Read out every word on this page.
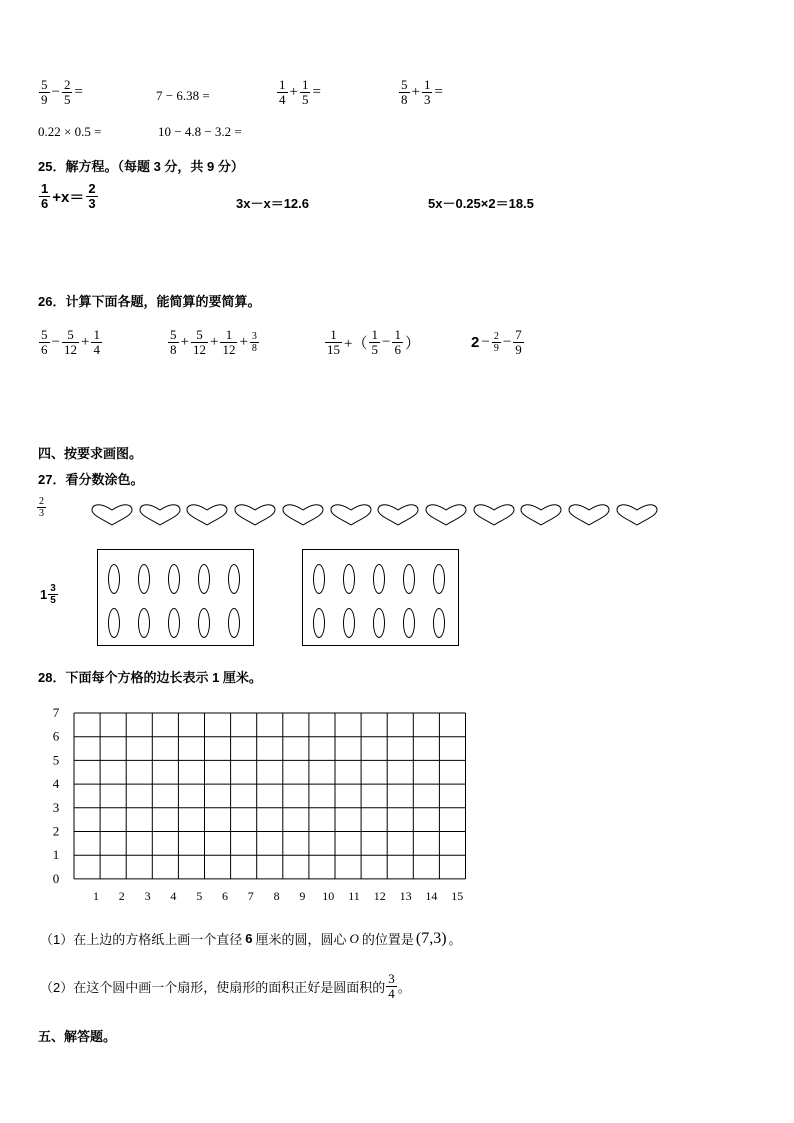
$\frac{5}{9} - \frac{2}{5}$ =	7 − 6.38 =	$\frac{1}{4} + \frac{1}{5}$ =	$\frac{5}{8} + \frac{1}{3}$ =
0.22 × 0.5 =	10 − 4.8 − 3.2 =
25．解方程。（每题 3 分，共 9 分）
$\frac{1}{6} +x= \frac{2}{3}$	3x－x＝12.6	5x－0.25×2＝18.5
26．计算下面各题，能简算的要简算。
$\frac{5}{6} - \frac{5}{12} + \frac{1}{4}$	$\frac{5}{8} + \frac{5}{12} + \frac{1}{12} + \frac{3}{8}$	$\frac{1}{15}$ +（ $\frac{1}{5} - \frac{1}{6}$ ）	$2 - \frac{2}{9} - \frac{7}{9}$
四、按要求画图。
27．看分数涂色。
$\frac{2}{3}$
$1 \frac{3}{5}$
28．下面每个方格的边长表示 1 厘米。
7
6
5
4
3
2
1
0
1 2 3 4 5 6 7 8 9 10 11 12 13 14 15
（1）在上边的方格纸上画一个直径 6 厘米的圆，圆心 O 的位置是 (7,3) 。
（2）在这个圆中画一个扇形，使扇形的面积正好是圆面积的 $\frac{3}{4}$ 。
五、解答题。
